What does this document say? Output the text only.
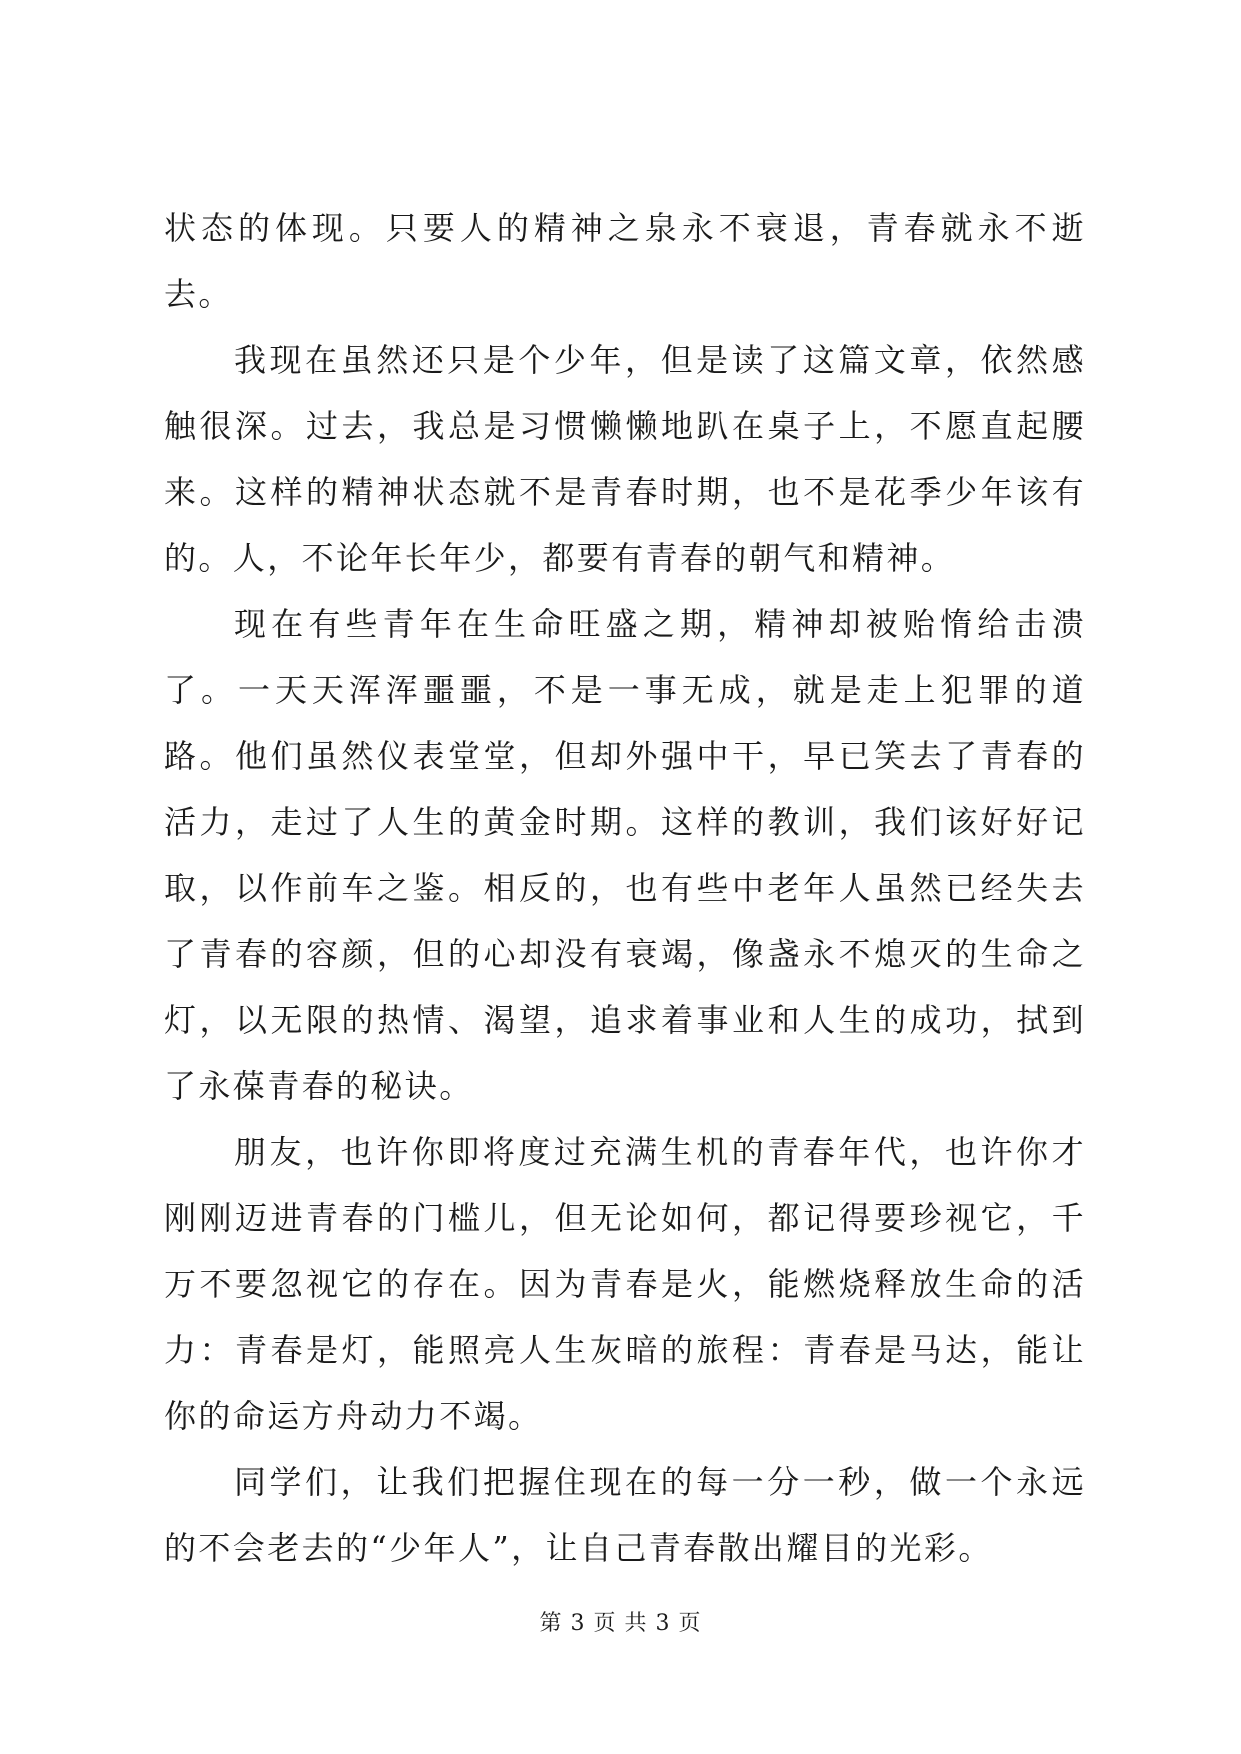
状态的体现。只要人的精神之泉永不衰退，青春就永不逝去。

我现在虽然还只是个少年，但是读了这篇文章，依然感触很深。过去，我总是习惯懒懒地趴在桌子上，不愿直起腰来。这样的精神状态就不是青春时期，也不是花季少年该有的。人，不论年长年少，都要有青春的朝气和精神。

现在有些青年在生命旺盛之期，精神却被贻惰给击溃了。一天天浑浑噩噩，不是一事无成，就是走上犯罪的道路。他们虽然仪表堂堂，但却外强中干，早已笑去了青春的活力，走过了人生的黄金时期。这样的教训，我们该好好记取，以作前车之鉴。相反的，也有些中老年人虽然已经失去了青春的容颜，但的心却没有衰竭，像盏永不熄灭的生命之灯，以无限的热情、渴望，追求着事业和人生的成功，拭到了永葆青春的秘诀。

朋友，也许你即将度过充满生机的青春年代，也许你才刚刚迈进青春的门槛儿，但无论如何，都记得要珍视它，千万不要忽视它的存在。因为青春是火，能燃烧释放生命的活力：青春是灯，能照亮人生灰暗的旅程：青春是马达，能让你的命运方舟动力不竭。

同学们，让我们把握住现在的每一分一秒，做一个永远的不会老去的“少年人”，让自己青春散出耀目的光彩。

第 3 页 共 3 页
